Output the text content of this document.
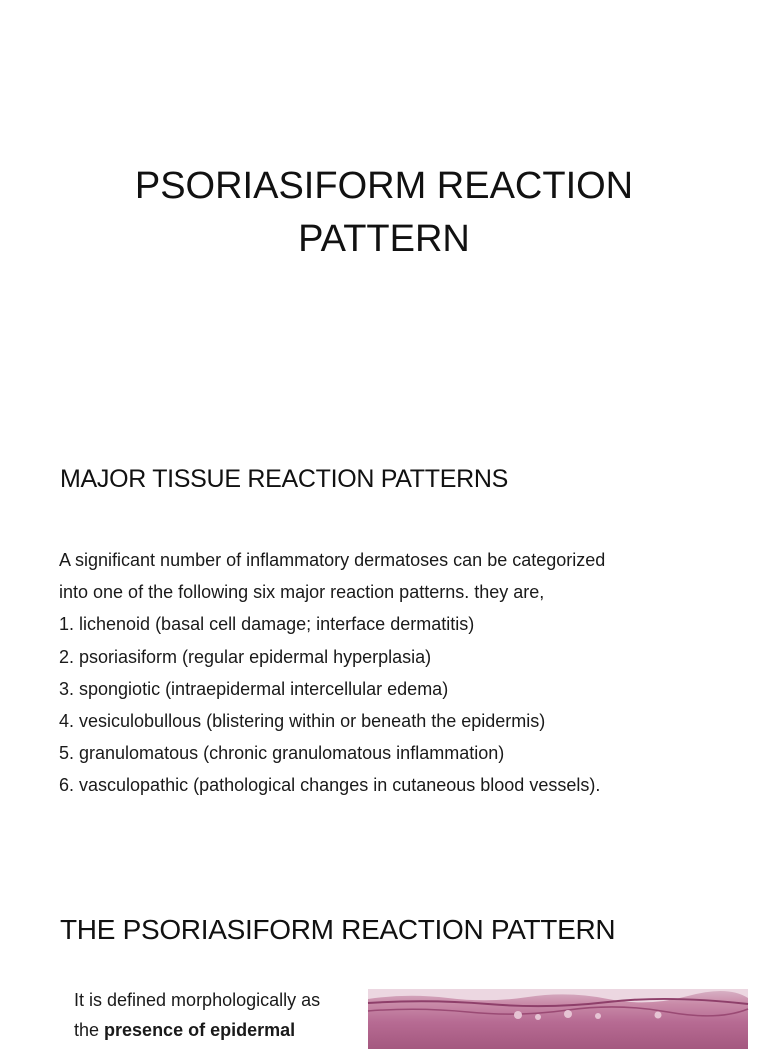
PSORIASIFORM REACTION
PATTERN
MAJOR TISSUE REACTION PATTERNS
A significant number of inflammatory dermatoses can be categorized
into one of the following six major reaction patterns. they are,
1. lichenoid (basal cell damage; interface dermatitis)
2. psoriasiform (regular epidermal hyperplasia)
3. spongiotic (intraepidermal intercellular edema)
4. vesiculobullous (blistering within or beneath the epidermis)
5. granulomatous (chronic granulomatous inflammation)
6. vasculopathic (pathological changes in cutaneous blood vessels).
THE PSORIASIFORM REACTION PATTERN
It is defined morphologically as
the presence of epidermal
